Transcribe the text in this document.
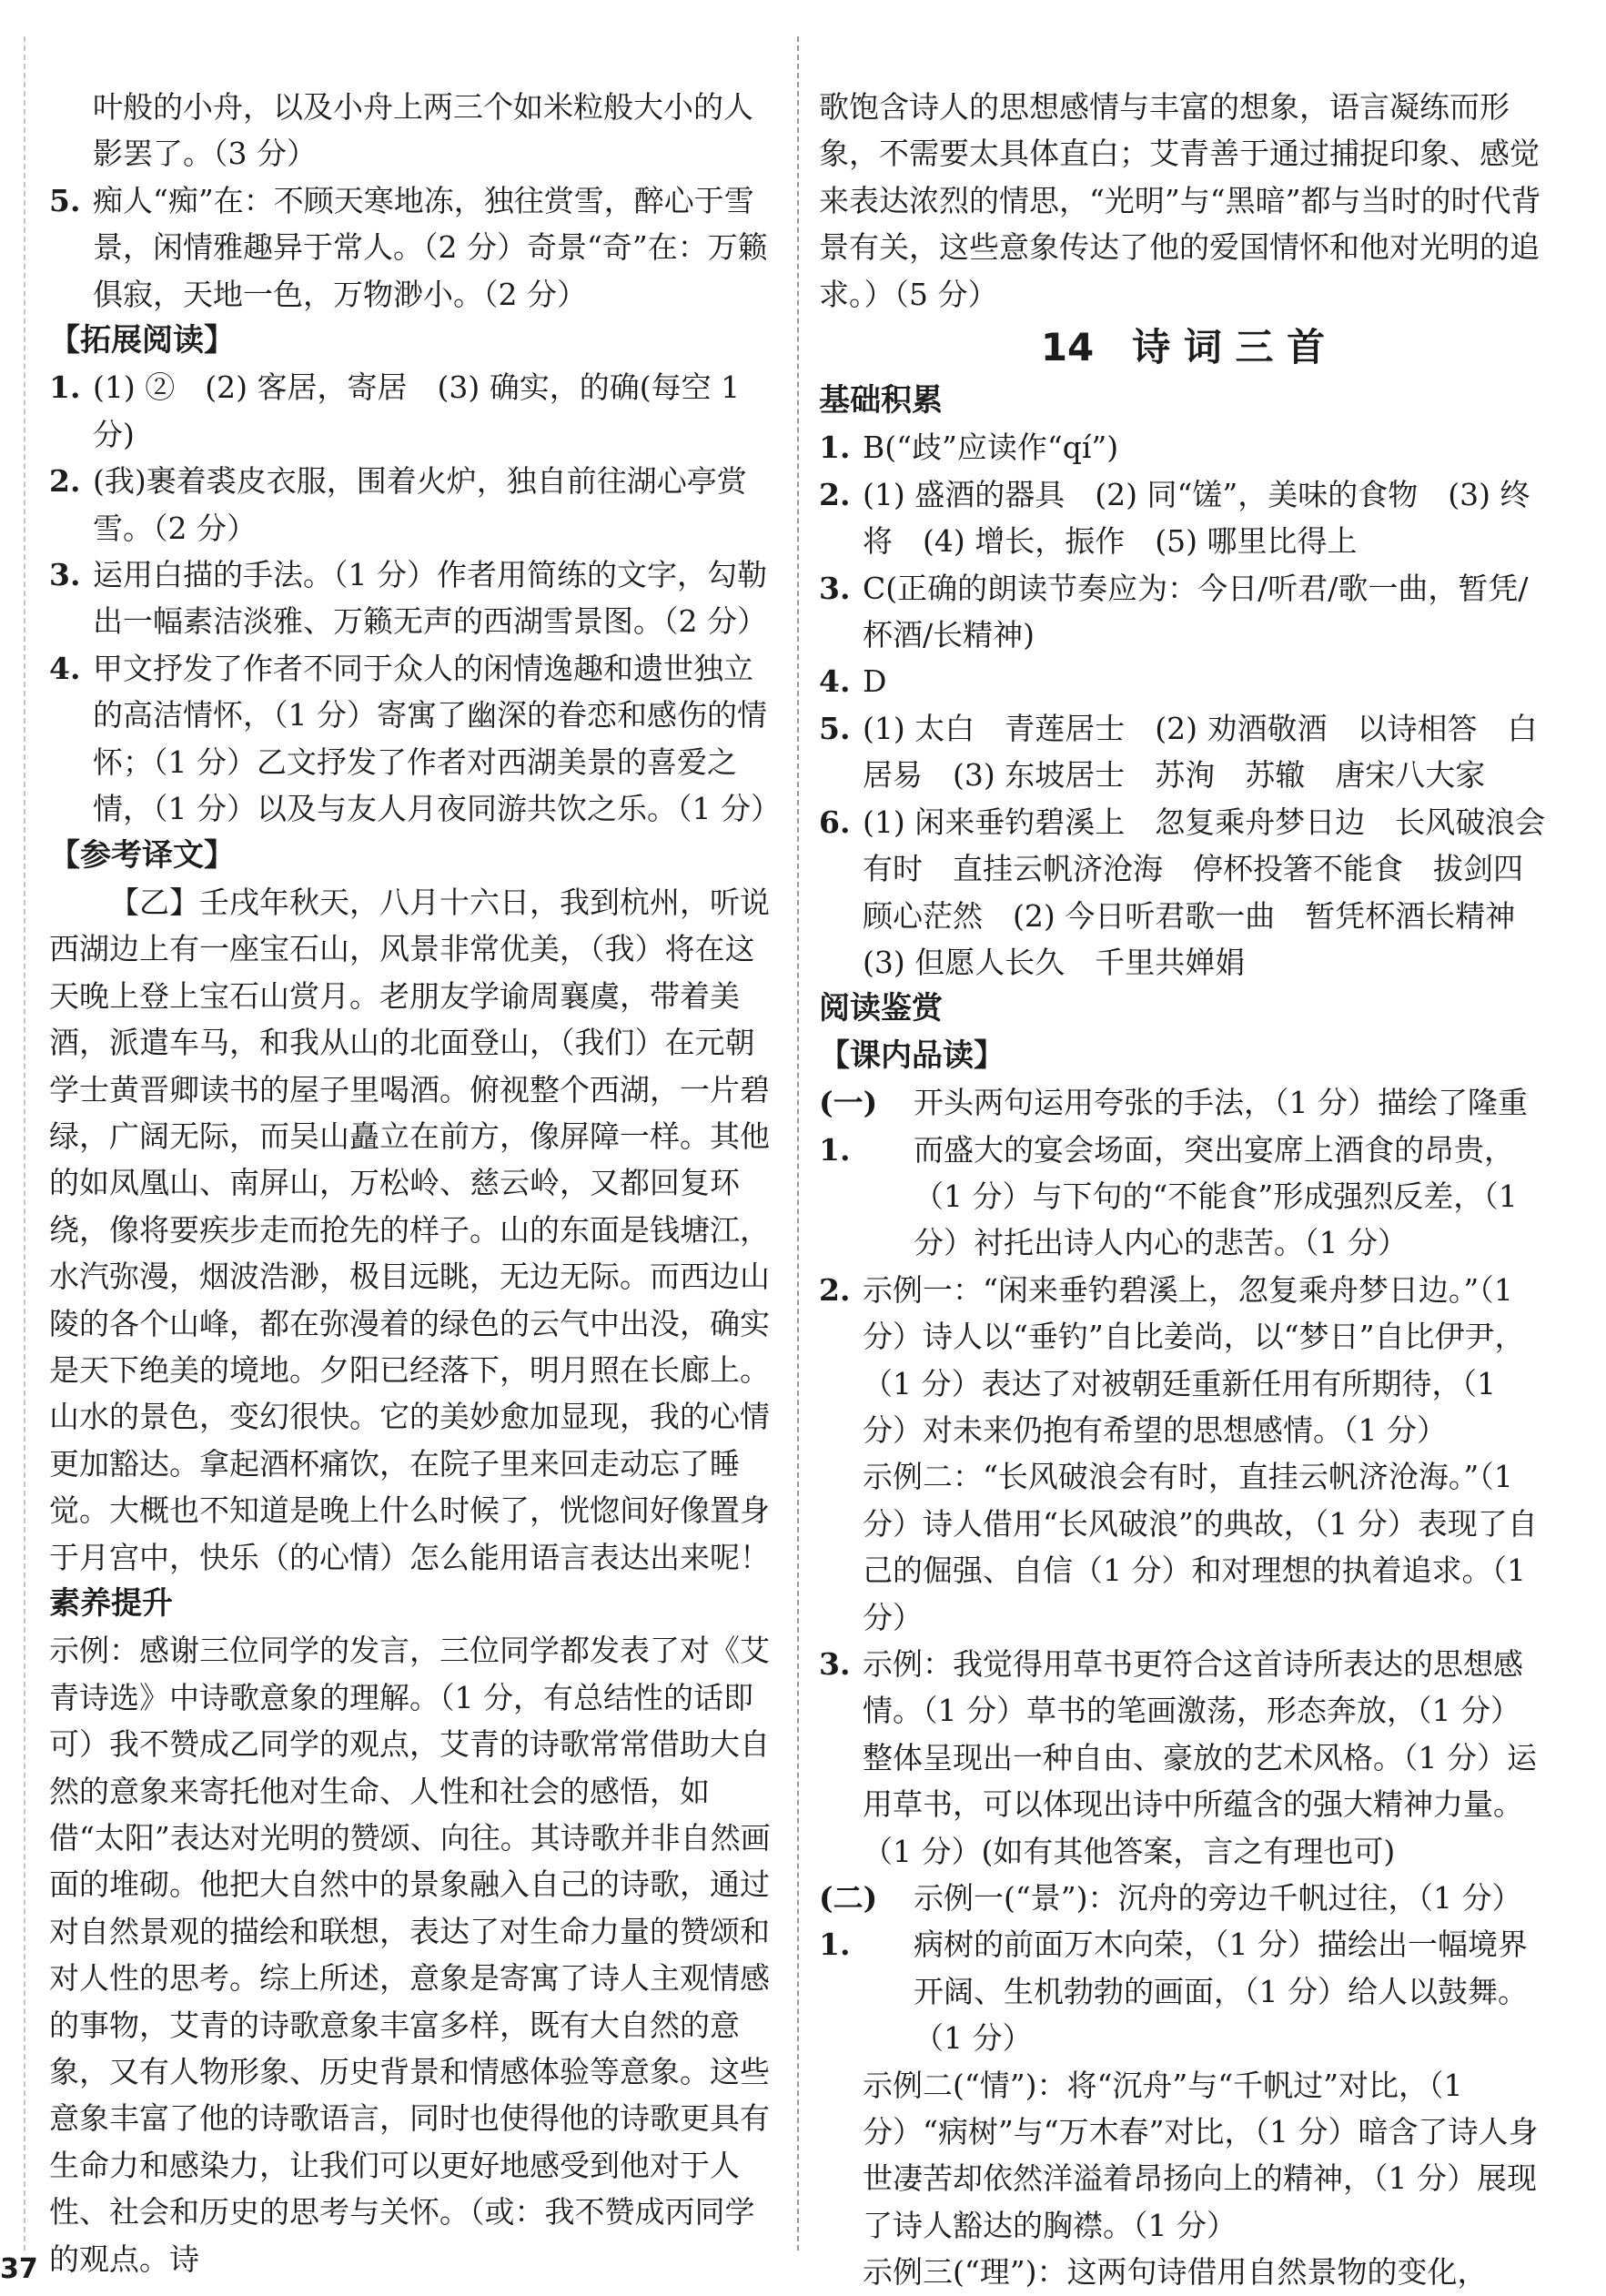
叶般的小舟，以及小舟上两三个如米粒般大小的人影罢了。（3 分）
5. 痴人“痴”在：不顾天寒地冻，独往赏雪，醉心于雪景，闲情雅趣异于常人。（2 分）奇景“奇”在：万籁俱寂，天地一色，万物渺小。（2 分）
【拓展阅读】
1. (1) ②　(2) 客居，寄居　(3) 确实，的确(每空 1 分)
2. (我)裹着裘皮衣服，围着火炉，独自前往湖心亭赏雪。（2 分）
3. 运用白描的手法。（1 分）作者用简练的文字，勾勒出一幅素洁淡雅、万籁无声的西湖雪景图。（2 分）
4. 甲文抒发了作者不同于众人的闲情逸趣和遗世独立的高洁情怀，（1 分）寄寓了幽深的眷恋和感伤的情怀；（1 分）乙文抒发了作者对西湖美景的喜爱之情，（1 分）以及与友人月夜同游共饮之乐。（1 分）
【参考译文】
【乙】壬戌年秋天，八月十六日，我到杭州，听说西湖边上有一座宝石山，风景非常优美，（我）将在这天晚上登上宝石山赏月。老朋友学谕周襄虞，带着美酒，派遣车马，和我从山的北面登山，（我们）在元朝学士黄晋卿读书的屋子里喝酒。俯视整个西湖，一片碧绿，广阔无际，而吴山矗立在前方，像屏障一样。其他的如凤凰山、南屏山，万松岭、慈云岭，又都回复环绕，像将要疾步走而抢先的样子。山的东面是钱塘江，水汽弥漫，烟波浩渺，极目远眺，无边无际。而西边山陵的各个山峰，都在弥漫着的绿色的云气中出没，确实是天下绝美的境地。夕阳已经落下，明月照在长廊上。山水的景色，变幻很快。它的美妙愈加显现，我的心情更加豁达。拿起酒杯痛饮，在院子里来回走动忘了睡觉。大概也不知道是晚上什么时候了，恍惚间好像置身于月宫中，快乐（的心情）怎么能用语言表达出来呢！
素养提升
示例：感谢三位同学的发言，三位同学都发表了对《艾青诗选》中诗歌意象的理解。（1 分，有总结性的话即可）我不赞成乙同学的观点，艾青的诗歌常常借助大自然的意象来寄托他对生命、人性和社会的感悟，如借“太阳”表达对光明的赞颂、向往。其诗歌并非自然画面的堆砌。他把大自然中的景象融入自己的诗歌，通过对自然景观的描绘和联想，表达了对生命力量的赞颂和对人性的思考。综上所述，意象是寄寓了诗人主观情感的事物，艾青的诗歌意象丰富多样，既有大自然的意象，又有人物形象、历史背景和情感体验等意象。这些意象丰富了他的诗歌语言，同时也使得他的诗歌更具有生命力和感染力，让我们可以更好地感受到他对于人性、社会和历史的思考与关怀。（或：我不赞成丙同学的观点。诗
歌饱含诗人的思想感情与丰富的想象，语言凝练而形象，不需要太具体直白；艾青善于通过捕捉印象、感觉来表达浓烈的情思，“光明”与“黑暗”都与当时的时代背景有关，这些意象传达了他的爱国情怀和他对光明的追求。）（5 分）
14　诗 词 三 首
基础积累
1. B(“歧”应读作“qí”)
2. (1) 盛酒的器具　(2) 同“馐”，美味的食物　(3) 终将　(4) 增长，振作　(5) 哪里比得上
3. C(正确的朗读节奏应为：今日/听君/歌一曲，暂凭/杯酒/长精神)
4. D
5. (1) 太白　青莲居士　(2) 劝酒敬酒　以诗相答　白居易　(3) 东坡居士　苏洵　苏辙　唐宋八大家
6. (1) 闲来垂钓碧溪上　忽复乘舟梦日边　长风破浪会有时　直挂云帆济沧海　停杯投箸不能食　拔剑四顾心茫然　(2) 今日听君歌一曲　暂凭杯酒长精神　(3) 但愿人长久　千里共婵娟
阅读鉴赏
【课内品读】
(一) 1.
开头两句运用夸张的手法，（1 分）描绘了隆重而盛大的宴会场面，突出宴席上酒食的昂贵，（1 分）与下句的“不能食”形成强烈反差，（1 分）衬托出诗人内心的悲苦。（1 分）
2. 示例一：“闲来垂钓碧溪上，忽复乘舟梦日边。”（1 分）诗人以“垂钓”自比姜尚，以“梦日”自比伊尹，（1 分）表达了对被朝廷重新任用有所期待，（1 分）对未来仍抱有希望的思想感情。（1 分）
示例二：“长风破浪会有时，直挂云帆济沧海。”（1 分）诗人借用“长风破浪”的典故，（1 分）表现了自己的倔强、自信（1 分）和对理想的执着追求。（1 分）
3. 示例：我觉得用草书更符合这首诗所表达的思想感情。（1 分）草书的笔画激荡，形态奔放，（1 分）整体呈现出一种自由、豪放的艺术风格。（1 分）运用草书，可以体现出诗中所蕴含的强大精神力量。（1 分）(如有其他答案，言之有理也可)
(二) 1.
示例一(“景”)：沉舟的旁边千帆过往，（1 分）病树的前面万木向荣，（1 分）描绘出一幅境界开阔、生机勃勃的画面，（1 分）给人以鼓舞。（1 分）
示例二(“情”)：将“沉舟”与“千帆过”对比，（1 分）“病树”与“万木春”对比，（1 分）暗含了诗人身世凄苦却依然洋溢着昂扬向上的精神，（1 分）展现了诗人豁达的胸襟。（1 分）
示例三(“理”)：这两句诗借用自然景物的变化，
37
